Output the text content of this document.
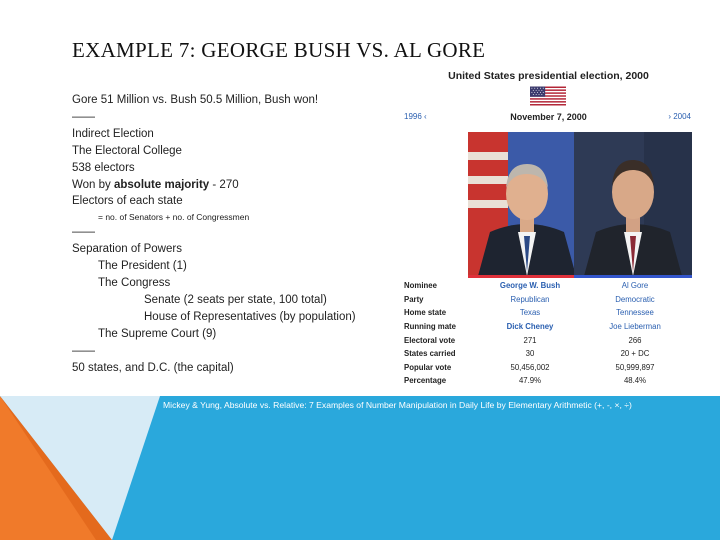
EXAMPLE 7: GEORGE BUSH VS. AL GORE
Gore 51 Million vs. Bush 50.5 Million, Bush won!
——
Indirect Election
The Electoral College
538 electors
Won by absolute majority - 270
Electors of each state
= no. of Senators + no. of Congressmen
——
Separation of Powers
The President (1)
The Congress
Senate (2 seats per state, 100 total)
House of Representatives (by population)
The Supreme Court (9)
——
50 states, and D.C. (the capital)
United States presidential election, 2000
1996 ‹	November 7, 2000	› 2004
Nominee	George W. Bush	Al Gore
Party	Republican	Democratic
Home state	Texas	Tennessee
Running mate	Dick Cheney	Joe Lieberman
Electoral vote	271	266
States carried	30	20 + DC
Popular vote	50,456,002	50,999,897
Percentage	47.9%	48.4%
Mickey & Yung, Absolute vs. Relative: 7 Examples of Number Manipulation in Daily Life by Elementary Arithmetic (+, -, ×, ÷)
